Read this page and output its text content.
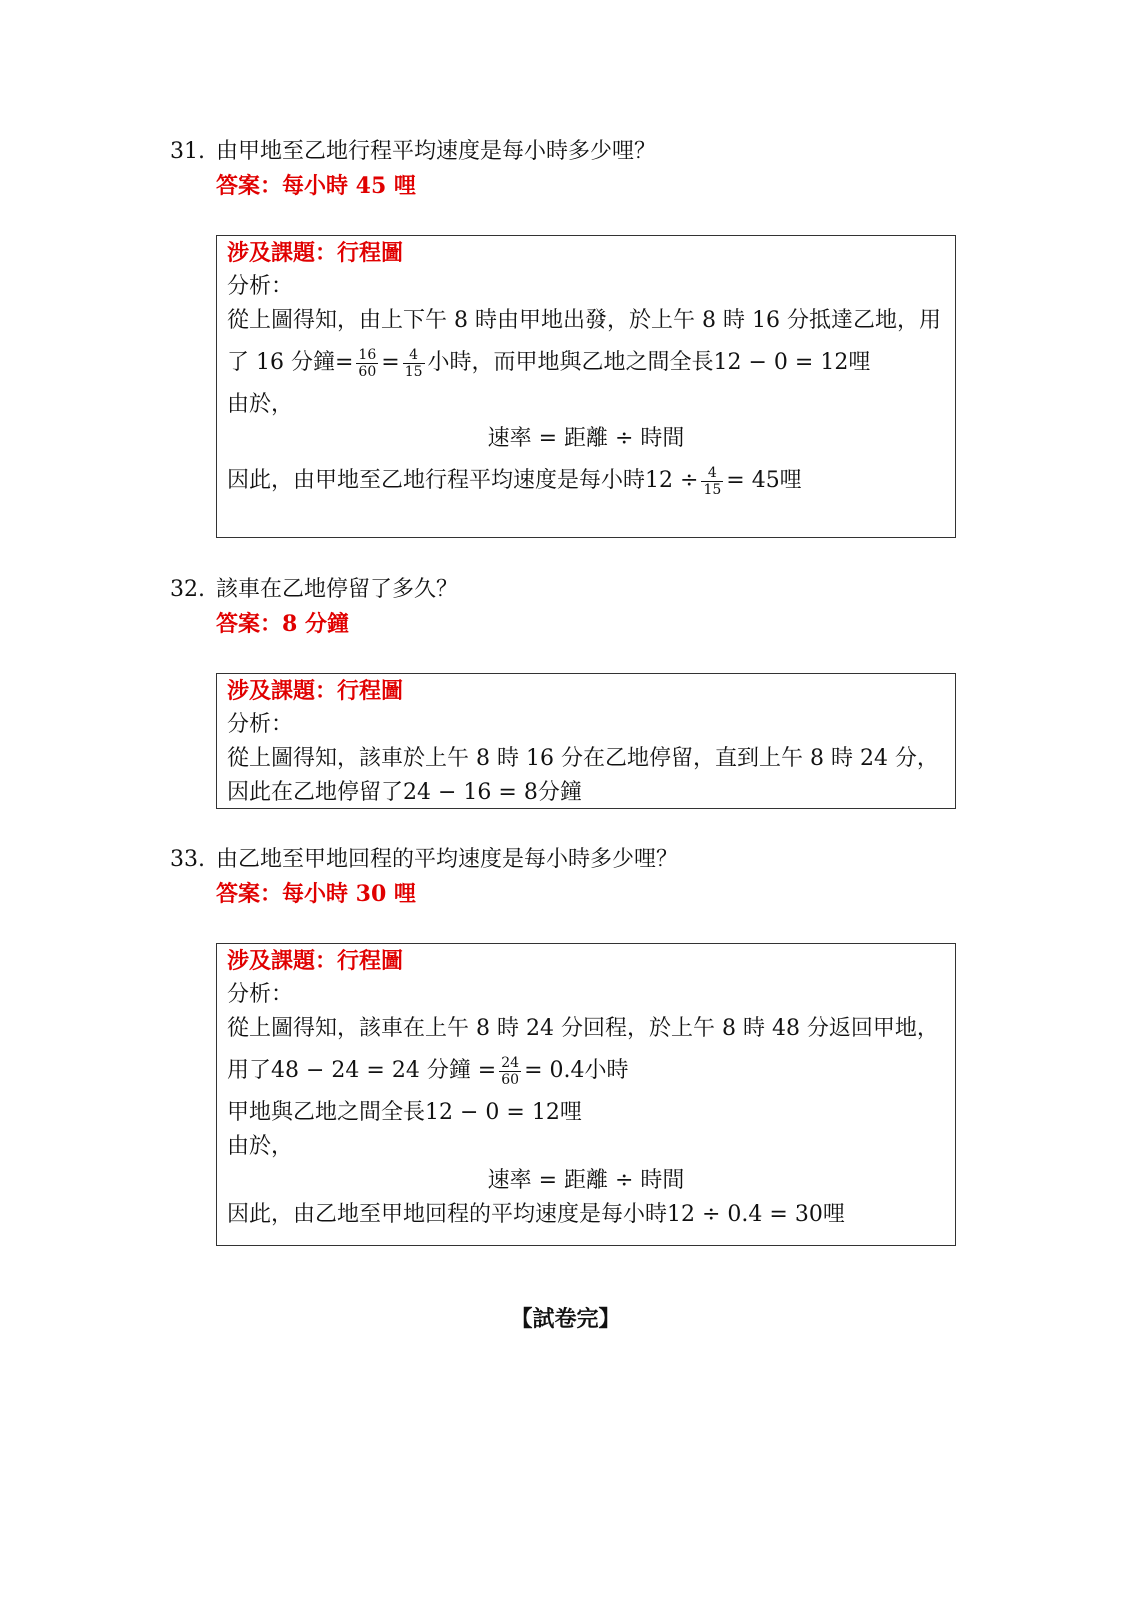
31. 由甲地至乙地行程平均速度是每小時多少哩？
答案：每小時 45 哩
涉及課題：行程圖
分析：
從上圖得知，由上下午 8 時由甲地出發，於上午 8 時 16 分抵達乙地，用
了 16 分鐘= $\frac{16}{60} = \frac{4}{15}$ 小時，而甲地與乙地之間全長12 − 0 = 12哩
由於，
速率 = 距離 ÷ 時間
因此，由甲地至乙地行程平均速度是每小時$12 \div \frac{4}{15} = 45$哩
32. 該車在乙地停留了多久？
答案：8 分鐘
涉及課題：行程圖
分析：
從上圖得知，該車於上午 8 時 16 分在乙地停留，直到上午 8 時 24 分，
因此在乙地停留了24 − 16 = 8分鐘
33. 由乙地至甲地回程的平均速度是每小時多少哩？
答案：每小時 30 哩
涉及課題：行程圖
分析：
從上圖得知，該車在上午 8 時 24 分回程，於上午 8 時 48 分返回甲地，
用了48 − 24 = 24 分鐘 = $\frac{24}{60} = 0.4$小時
甲地與乙地之間全長12 − 0 = 12哩
由於，
速率 = 距離 ÷ 時間
因此，由乙地至甲地回程的平均速度是每小時12 ÷ 0.4 = 30哩
【試卷完】
